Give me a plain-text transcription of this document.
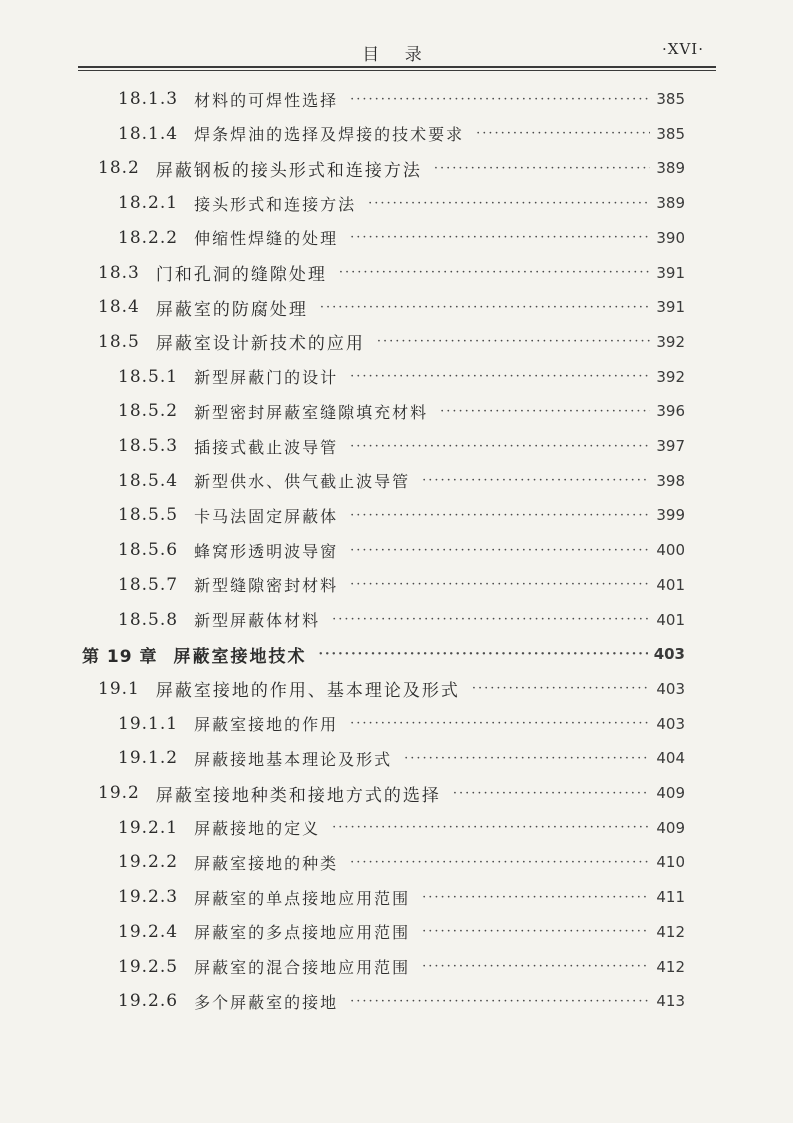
目 录	·XVI·
18.1.3 材料的可焊性选择 ·····	385
18.1.4 焊条焊油的选择及焊接的技术要求 ·····	385
18.2 屏蔽钢板的接头形式和连接方法 ·····	389
18.2.1 接头形式和连接方法 ·····	389
18.2.2 伸缩性焊缝的处理 ·····	390
18.3 门和孔洞的缝隙处理 ·····	391
18.4 屏蔽室的防腐处理 ·····	391
18.5 屏蔽室设计新技术的应用 ·····	392
18.5.1 新型屏蔽门的设计 ·····	392
18.5.2 新型密封屏蔽室缝隙填充材料 ·····	396
18.5.3 插接式截止波导管 ·····	397
18.5.4 新型供水、供气截止波导管 ·····	398
18.5.5 卡马法固定屏蔽体 ·····	399
18.5.6 蜂窝形透明波导窗 ·····	400
18.5.7 新型缝隙密封材料 ·····	401
18.5.8 新型屏蔽体材料 ·····	401
第 19 章 屏蔽室接地技术 ·····	403
19.1 屏蔽室接地的作用、基本理论及形式 ·····	403
19.1.1 屏蔽室接地的作用 ·····	403
19.1.2 屏蔽接地基本理论及形式 ·····	404
19.2 屏蔽室接地种类和接地方式的选择 ·····	409
19.2.1 屏蔽接地的定义 ·····	409
19.2.2 屏蔽室接地的种类 ·····	410
19.2.3 屏蔽室的单点接地应用范围 ·····	411
19.2.4 屏蔽室的多点接地应用范围 ·····	412
19.2.5 屏蔽室的混合接地应用范围 ·····	412
19.2.6 多个屏蔽室的接地 ·····	413
